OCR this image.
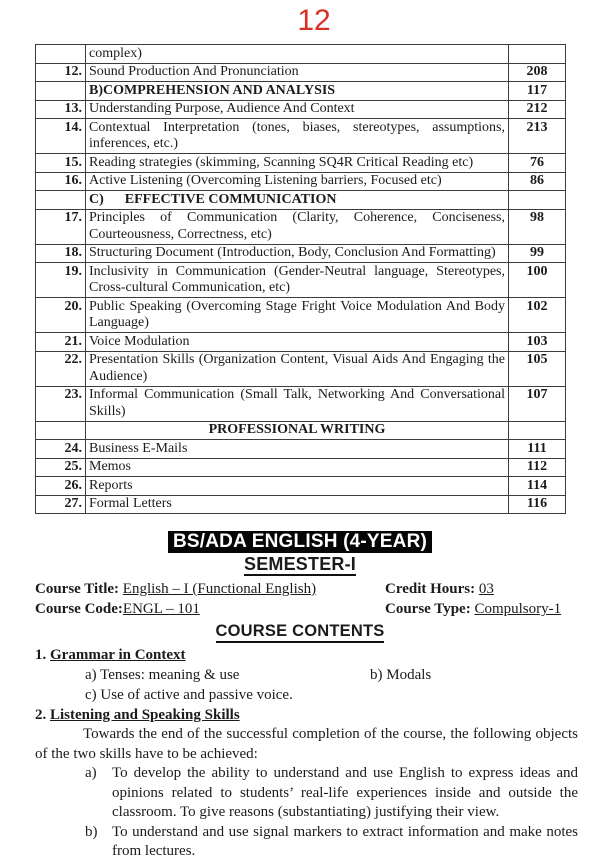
12
	complex)	
12.	Sound Production And Pronunciation	208
	B)COMPREHENSION AND ANALYSIS	117
13.	Understanding Purpose, Audience And Context	212
14.	Contextual Interpretation (tones, biases, stereotypes, assumptions, inferences, etc.)	213
15.	Reading strategies (skimming, Scanning SQ4R Critical Reading etc)	76
16.	Active Listening (Overcoming Listening barriers, Focused etc)	86
	C)      EFFECTIVE COMMUNICATION	
17.	Principles of Communication (Clarity, Coherence, Conciseness, Courteousness, Correctness, etc)	98
18.	Structuring Document (Introduction, Body, Conclusion And Formatting)	99
19.	Inclusivity in Communication (Gender-Neutral language, Stereotypes, Cross-cultural Communication, etc)	100
20.	Public Speaking (Overcoming Stage Fright Voice Modulation And Body Language)	102
21.	Voice Modulation	103
22.	Presentation Skills (Organization Content, Visual Aids And Engaging the Audience)	105
23.	Informal Communication (Small Talk, Networking And Conversational Skills)	107
	PROFESSIONAL WRITING	
24.	Business E-Mails	111
25.	Memos	112
26.	Reports	114
27.	Formal Letters	116
BS/ADA ENGLISH (4-YEAR)
SEMESTER-I
Course Title: English – I (Functional English)	Credit Hours: 03
Course Code:ENGL – 101	Course Type: Compulsory-1
COURSE CONTENTS
1. Grammar in Context
a) Tenses: meaning & use	b) Modals
c) Use of active and passive voice.
2. Listening and Speaking Skills
Towards the end of the successful completion of the course, the following objects of the two skills have to be achieved:
a)	To develop the ability to understand and use English to express ideas and opinions related to students’ real-life experiences inside and outside the classroom. To give reasons (substantiating) justifying their view.
b) To understand and use signal markers to extract information and make notes from lectures.
